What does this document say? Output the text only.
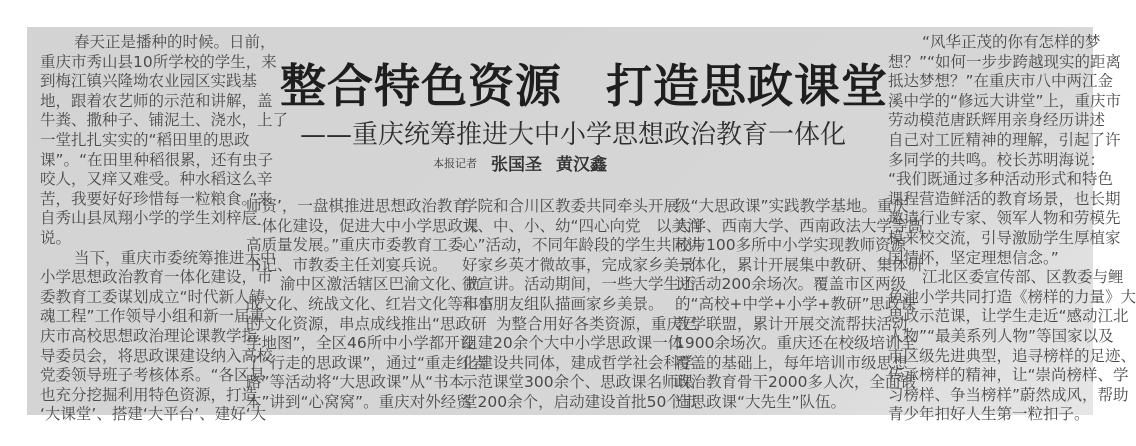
整合特色资源 打造思政课堂
——重庆统筹推进大中小学思想政治教育一体化
本报记者 张国圣 黄汉鑫
春天正是播种的时候。日前，
重庆市秀山县10所学校的学生，来
到梅江镇兴隆坳农业园区实践基
地，跟着农艺师的示范和讲解，盖
牛粪、撒种子、铺泥土、浇水，上了
一堂扎扎实实的“稻田里的思政
课”。“在田里种稻很累，还有虫子
咬人，又痒又难受。种水稻这么辛
苦，我要好好珍惜每一粒粮食。”来
自秀山县凤翔小学的学生刘梓辰
说。
当下，重庆市委统筹推进大中
小学思想政治教育一体化建设，市
委教育工委谋划成立“时代新人铸
魂工程”工作领导小组和新一届重
庆市高校思想政治理论课教学指
导委员会，将思政课建设纳入高校
党委领导班子考核体系。“各区县
也充分挖掘利用特色资源，打造
‘大课堂’、搭建‘大平台’、建好‘大
师资’，一盘棋推进思想政治教育
一体化建设，促进大中小学思政课
高质量发展。”重庆市委教育工委
书记、市教委主任刘宴兵说。
渝中区激活辖区巴渝文化、抗
战文化、统战文化、红岩文化等丰富
的文化资源，串点成线推出“思政研
学地图”，全区46所中小学都开设
了“行走的思政课”，通过“重走红岩
路”等活动将“大思政课”从“书本
本”讲到“心窝窝”。重庆对外经贸
学院和合川区教委共同牵头开展
大、中、小、幼“四心向党　以美润
心”活动，不同年龄段的学生共同讲
好家乡英才微故事，完成家乡美景
微宣讲。活动期间，一些大学生还
和小朋友组队描画家乡美景。
为整合用好各类资源，重庆已
组建20余个大中小学思政课一体
化建设共同体，建成哲学社会科学
示范课堂300余个、思政课名师课
堂200余个，启动建设首批50个市
级“大思政课”实践教学基地。重庆
大学、西南大学、西南政法大学等高
校与100多所中小学实现教师资源
一体化，累计开展集中教研、集体研
讨活动200余场次。覆盖市区两级
的“高校+中学+小学+教研”思政课
教学联盟，累计开展交流帮扶活动
1900余场次。重庆还在校级培训全
覆盖的基础上，每年培训市级思想
政治教育骨干2000多人次，全面锻
造思政课“大先生”队伍。
“风华正茂的你有怎样的梦
想？”“如何一步步跨越现实的距离
抵达梦想？”在重庆市八中两江金
溪中学的“修远大讲堂”上，重庆市
劳动模范唐跃辉用亲身经历讲述
自己对工匠精神的理解，引起了许
多同学的共鸣。校长苏明海说：
“我们既通过多种活动形式和特色
课程营造鲜活的教育场景，也长期
邀请行业专家、领军人物和劳模先
模来校交流，引导激励学生厚植家
国情怀，坚定理想信念。”
江北区委宣传部、区教委与鲤
鱼池小学共同打造《榜样的力量》大
思政示范课，让学生走近“感动江北
人物”“最美系列人物”等国家以及
市区级先进典型，追寻榜样的足迹、
传承榜样的精神，让“崇尚榜样、学
习榜样、争当榜样”蔚然成风，帮助
青少年扣好人生第一粒扣子。
